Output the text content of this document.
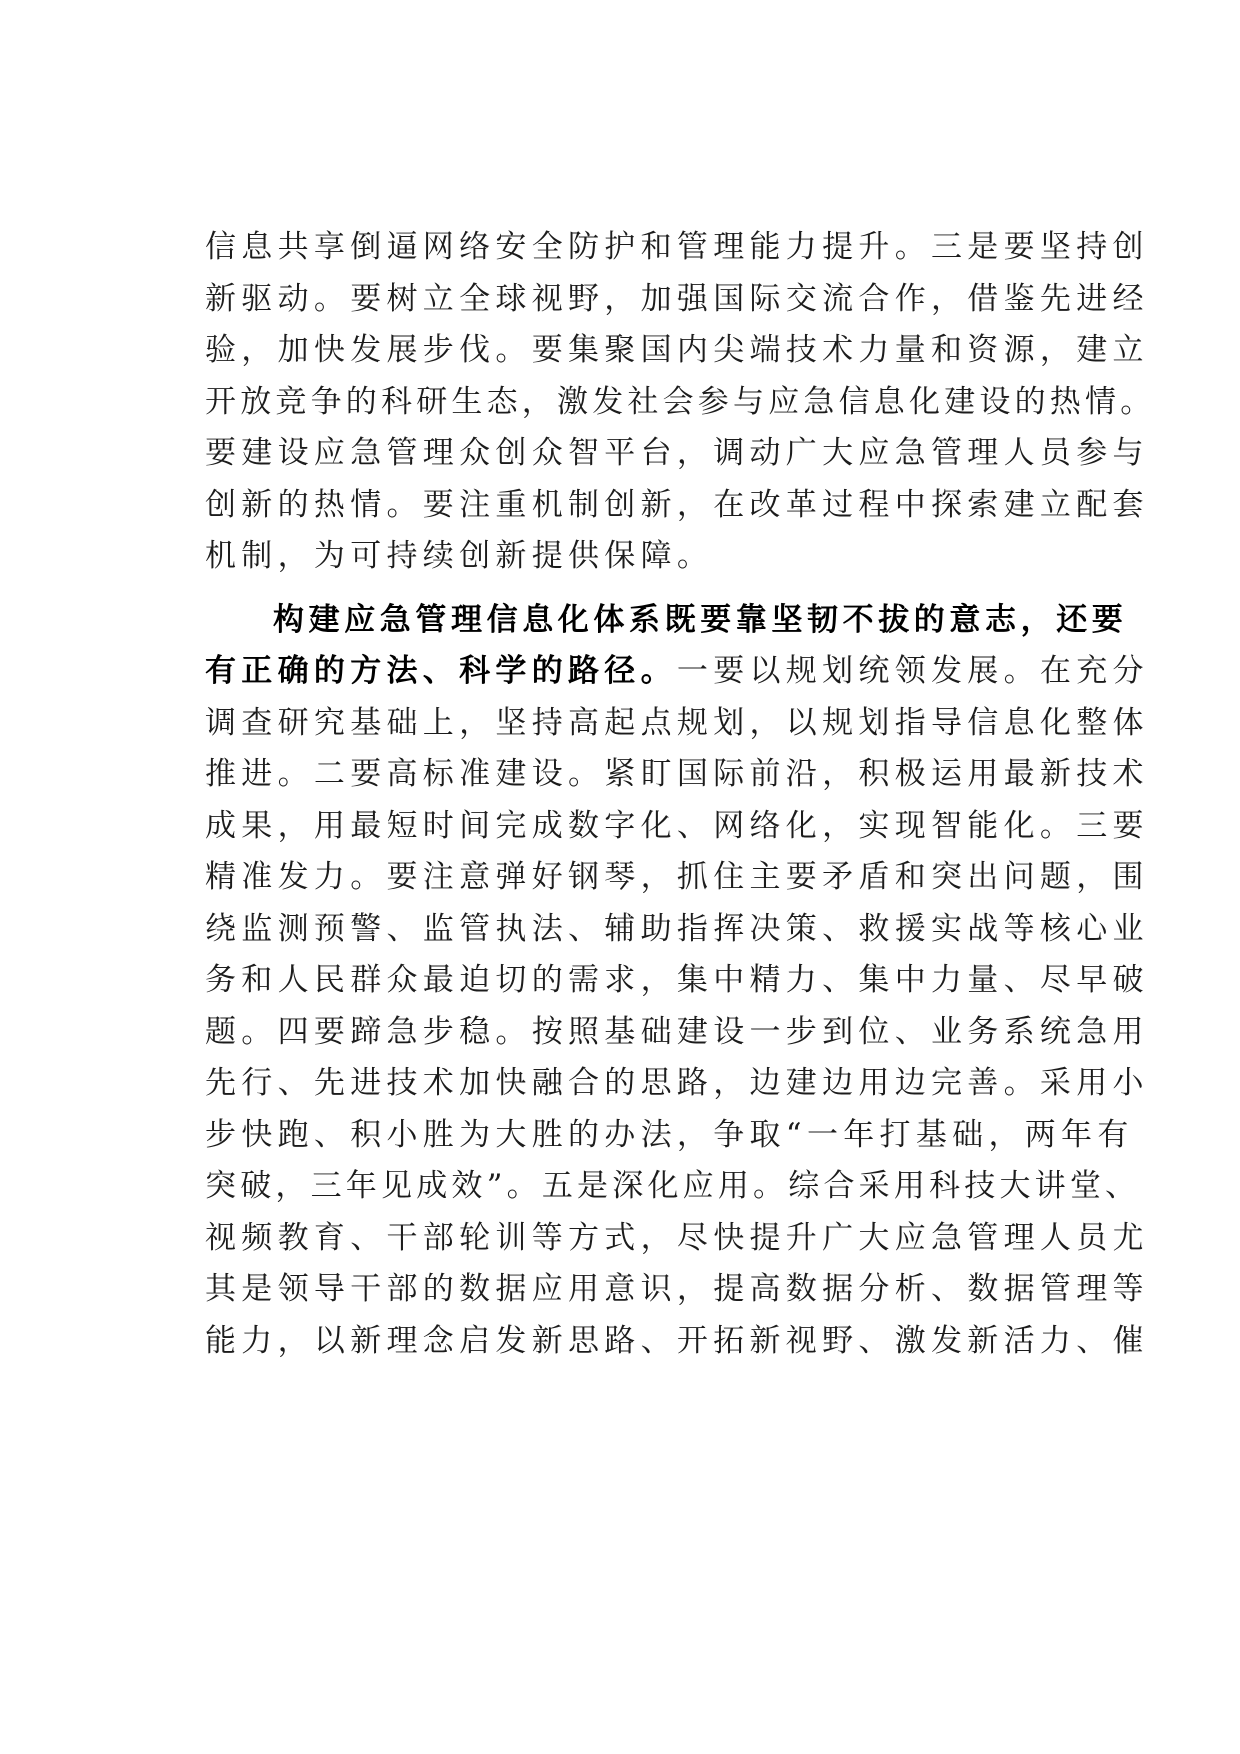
信息共享倒逼网络安全防护和管理能力提升。三是要坚持创
新驱动。要树立全球视野，加强国际交流合作，借鉴先进经
验，加快发展步伐。要集聚国内尖端技术力量和资源，建立
开放竞争的科研生态，激发社会参与应急信息化建设的热情。
要建设应急管理众创众智平台，调动广大应急管理人员参与
创新的热情。要注重机制创新，在改革过程中探索建立配套
机制，为可持续创新提供保障。
构建应急管理信息化体系既要靠坚韧不拔的意志，还要
有正确的方法、科学的路径。一要以规划统领发展。在充分
调查研究基础上，坚持高起点规划，以规划指导信息化整体
推进。二要高标准建设。紧盯国际前沿，积极运用最新技术
成果，用最短时间完成数字化、网络化，实现智能化。三要
精准发力。要注意弹好钢琴，抓住主要矛盾和突出问题，围
绕监测预警、监管执法、辅助指挥决策、救援实战等核心业
务和人民群众最迫切的需求，集中精力、集中力量、尽早破
题。四要蹄急步稳。按照基础建设一步到位、业务系统急用
先行、先进技术加快融合的思路，边建边用边完善。采用小
步快跑、积小胜为大胜的办法，争取“一年打基础，两年有
突破，三年见成效”。五是深化应用。综合采用科技大讲堂、
视频教育、干部轮训等方式，尽快提升广大应急管理人员尤
其是领导干部的数据应用意识，提高数据分析、数据管理等
能力，以新理念启发新思路、开拓新视野、激发新活力、催
